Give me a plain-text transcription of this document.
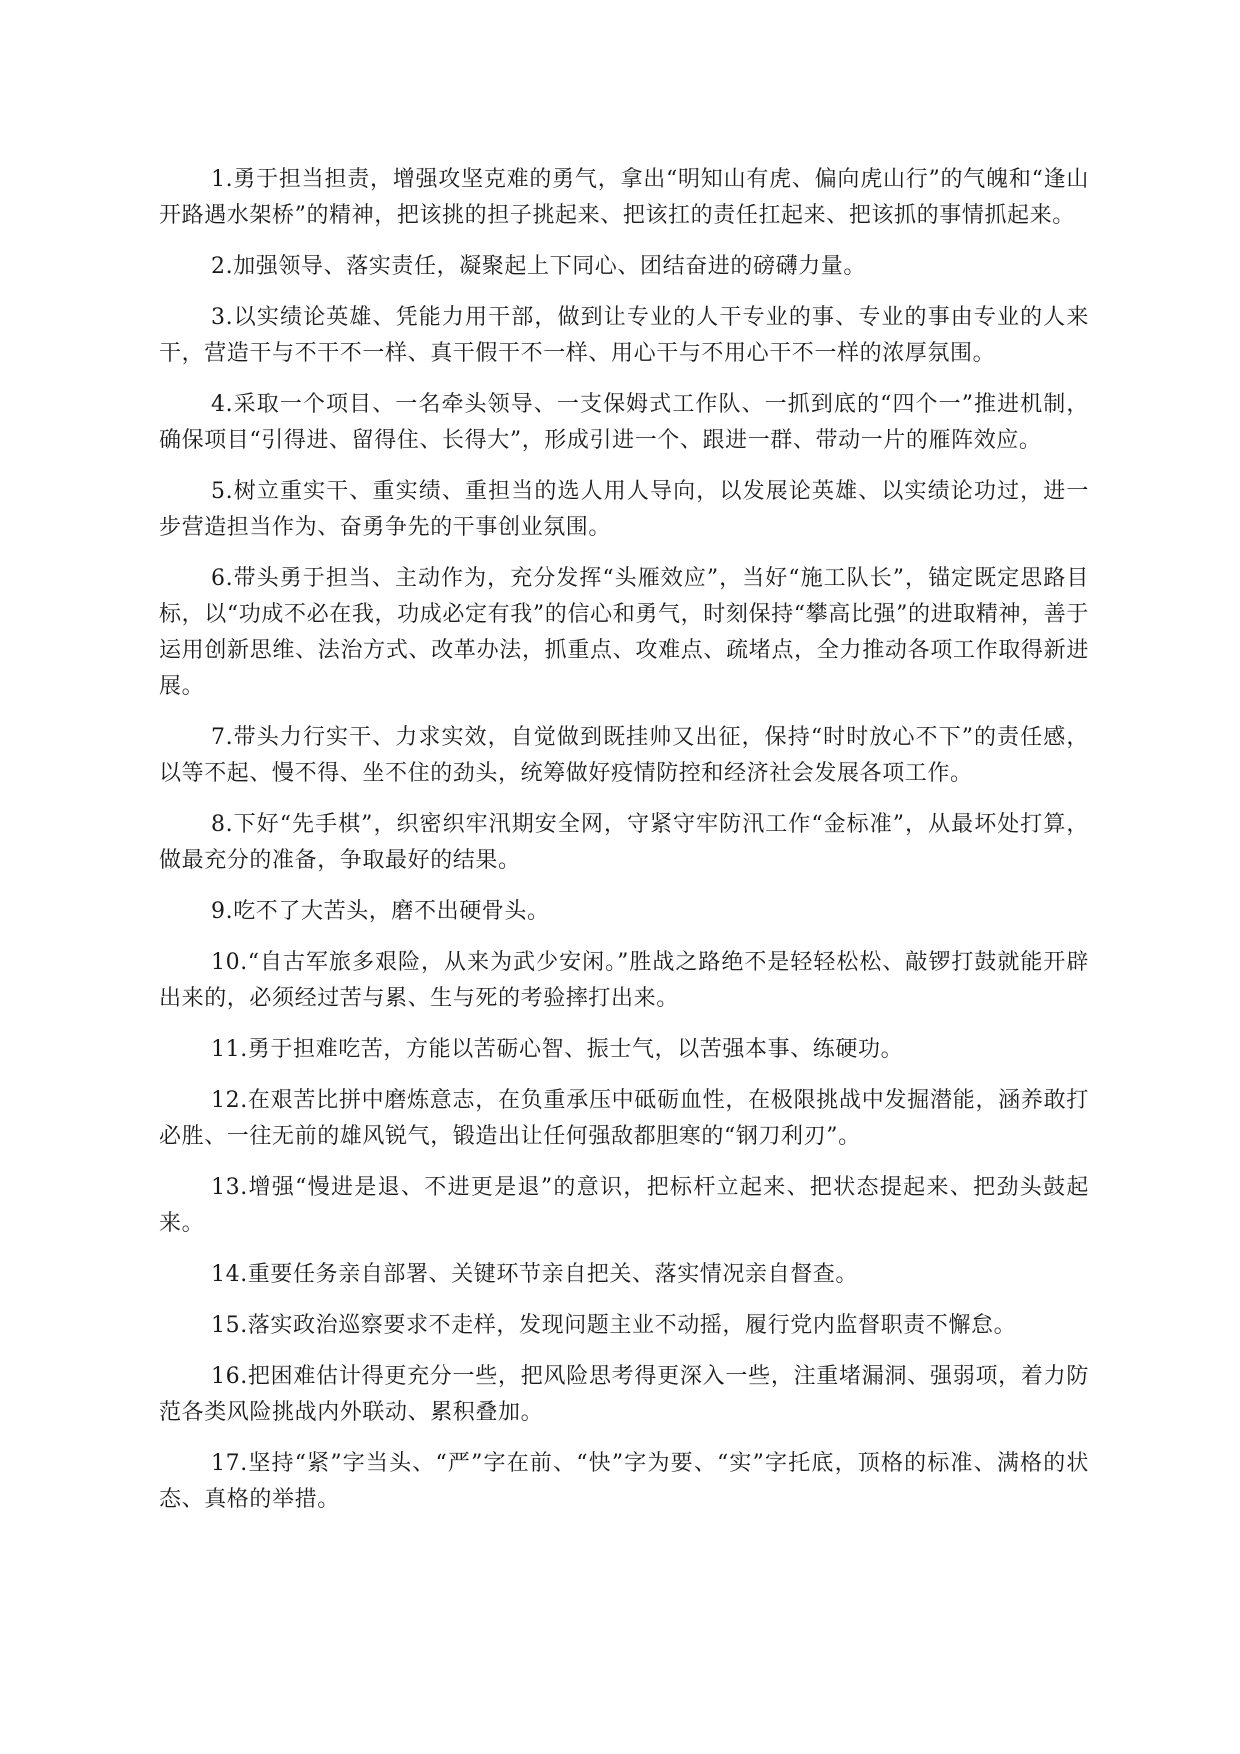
1.勇于担当担责，增强攻坚克难的勇气，拿出“明知山有虎、偏向虎山行”的气魄和“逢山开路遇水架桥”的精神，把该挑的担子挑起来、把该扛的责任扛起来、把该抓的事情抓起来。

2.加强领导、落实责任，凝聚起上下同心、团结奋进的磅礴力量。

3.以实绩论英雄、凭能力用干部，做到让专业的人干专业的事、专业的事由专业的人来干，营造干与不干不一样、真干假干不一样、用心干与不用心干不一样的浓厚氛围。

4.采取一个项目、一名牵头领导、一支保姆式工作队、一抓到底的“四个一”推进机制，确保项目“引得进、留得住、长得大”，形成引进一个、跟进一群、带动一片的雁阵效应。

5.树立重实干、重实绩、重担当的选人用人导向，以发展论英雄、以实绩论功过，进一步营造担当作为、奋勇争先的干事创业氛围。

6.带头勇于担当、主动作为，充分发挥“头雁效应”，当好“施工队长”，锚定既定思路目标，以“功成不必在我，功成必定有我”的信心和勇气，时刻保持“攀高比强”的进取精神，善于运用创新思维、法治方式、改革办法，抓重点、攻难点、疏堵点，全力推动各项工作取得新进展。

7.带头力行实干、力求实效，自觉做到既挂帅又出征，保持“时时放心不下”的责任感，以等不起、慢不得、坐不住的劲头，统筹做好疫情防控和经济社会发展各项工作。

8.下好“先手棋”，织密织牢汛期安全网，守紧守牢防汛工作“金标准”，从最坏处打算，做最充分的准备，争取最好的结果。

9.吃不了大苦头，磨不出硬骨头。

10.“自古军旅多艰险，从来为武少安闲。”胜战之路绝不是轻轻松松、敲锣打鼓就能开辟出来的，必须经过苦与累、生与死的考验摔打出来。

11.勇于担难吃苦，方能以苦砺心智、振士气，以苦强本事、练硬功。

12.在艰苦比拼中磨炼意志，在负重承压中砥砺血性，在极限挑战中发掘潜能，涵养敢打必胜、一往无前的雄风锐气，锻造出让任何强敌都胆寒的“钢刀利刃”。

13.增强“慢进是退、不进更是退”的意识，把标杆立起来、把状态提起来、把劲头鼓起来。

14.重要任务亲自部署、关键环节亲自把关、落实情况亲自督查。

15.落实政治巡察要求不走样，发现问题主业不动摇，履行党内监督职责不懈怠。

16.把困难估计得更充分一些，把风险思考得更深入一些，注重堵漏洞、强弱项，着力防范各类风险挑战内外联动、累积叠加。

17.坚持“紧”字当头、“严”字在前、“快”字为要、“实”字托底，顶格的标准、满格的状态、真格的举措。
